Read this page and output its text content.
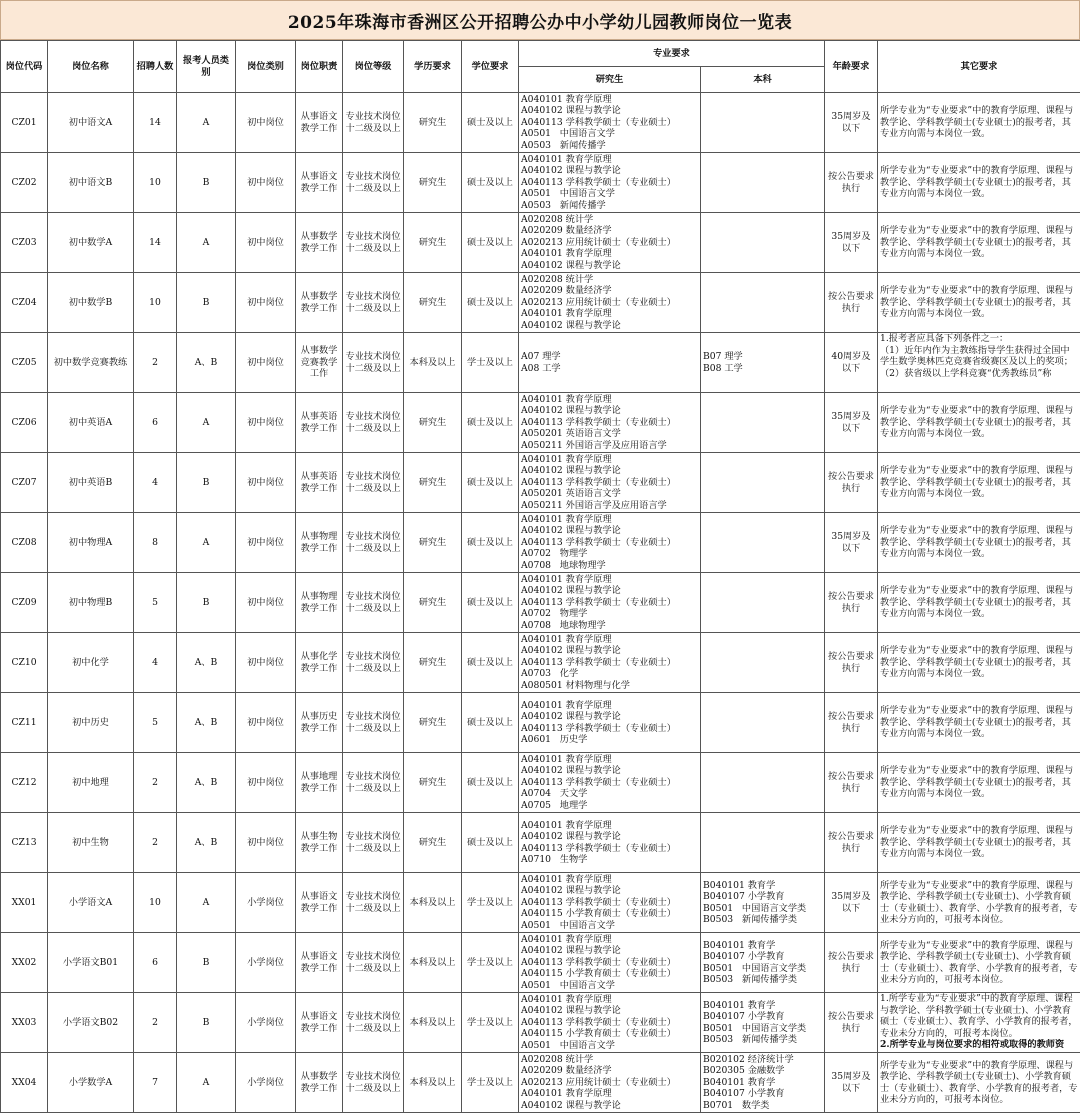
2025年珠海市香洲区公开招聘公办中小学幼儿园教师岗位一览表
岗位代码	岗位名称	招聘人数	报考人员类别	岗位类别	岗位职责	岗位等级	学历要求	学位要求	专业要求		年龄要求	其它要求
									研究生	本科		
CZ01	初中语文A	14	A	初中岗位	从事语文教学工作	专业技术岗位十二级及以上	研究生	硕士及以上	A040101 教育学原理
A040102 课程与教学论
A040113 学科教学硕士（专业硕士）
A0501   中国语言文学
A0503   新闻传播学		35周岁及以下	所学专业为“专业要求”中的教育学原理、课程与教学论、学科教学硕士(专业硕士)的报考者，其专业方向需与本岗位一致。

CZ02	初中语文B	10	B	初中岗位	从事语文教学工作	专业技术岗位十二级及以上	研究生	硕士及以上	A040101 教育学原理
A040102 课程与教学论
A040113 学科教学硕士（专业硕士）
A0501   中国语言文学
A0503   新闻传播学		按公告要求执行	所学专业为“专业要求”中的教育学原理、课程与教学论、学科教学硕士(专业硕士)的报考者，其专业方向需与本岗位一致。

CZ03	初中数学A	14	A	初中岗位	从事数学教学工作	专业技术岗位十二级及以上	研究生	硕士及以上	A020208 统计学
A020209 数量经济学
A020213 应用统计硕士（专业硕士）
A040101 教育学原理
A040102 课程与教学论		35周岁及以下	所学专业为“专业要求”中的教育学原理、课程与教学论、学科教学硕士(专业硕士)的报考者，其专业方向需与本岗位一致。

CZ04	初中数学B	10	B	初中岗位	从事数学教学工作	专业技术岗位十二级及以上	研究生	硕士及以上	A020208 统计学
A020209 数量经济学
A020213 应用统计硕士（专业硕士）
A040101 教育学原理
A040102 课程与教学论		按公告要求执行	所学专业为“专业要求”中的教育学原理、课程与教学论、学科教学硕士(专业硕士)的报考者，其专业方向需与本岗位一致。

CZ05	初中数学竞赛教练	2	A、B	初中岗位	从事数学竞赛教学工作	专业技术岗位十二级及以上	本科及以上	学士及以上	A07 理学
A08 工学	B07 理学
B08 工学	40周岁及以下	1.报考者应具备下列条件之一：
（1）近年内作为主教练指导学生获得过全国中学生数学奥林匹克竞赛省级赛区及以上的奖项；
（2）获省级以上学科竞赛“优秀教练员”称

CZ06	初中英语A	6	A	初中岗位	从事英语教学工作	专业技术岗位十二级及以上	研究生	硕士及以上	A040101 教育学原理
A040102 课程与教学论
A040113 学科教学硕士（专业硕士）
A050201 英语语言文学
A050211 外国语言学及应用语言学		35周岁及以下	所学专业为“专业要求”中的教育学原理、课程与教学论、学科教学硕士(专业硕士)的报考者，其专业方向需与本岗位一致。

CZ07	初中英语B	4	B	初中岗位	从事英语教学工作	专业技术岗位十二级及以上	研究生	硕士及以上	A040101 教育学原理
A040102 课程与教学论
A040113 学科教学硕士（专业硕士）
A050201 英语语言文学
A050211 外国语言学及应用语言学		按公告要求执行	所学专业为“专业要求”中的教育学原理、课程与教学论、学科教学硕士(专业硕士)的报考者，其专业方向需与本岗位一致。

CZ08	初中物理A	8	A	初中岗位	从事物理教学工作	专业技术岗位十二级及以上	研究生	硕士及以上	A040101 教育学原理
A040102 课程与教学论
A040113 学科教学硕士（专业硕士）
A0702   物理学
A0708   地球物理学		35周岁及以下	所学专业为“专业要求”中的教育学原理、课程与教学论、学科教学硕士(专业硕士)的报考者，其专业方向需与本岗位一致。

CZ09	初中物理B	5	B	初中岗位	从事物理教学工作	专业技术岗位十二级及以上	研究生	硕士及以上	A040101 教育学原理
A040102 课程与教学论
A040113 学科教学硕士（专业硕士）
A0702   物理学
A0708   地球物理学		按公告要求执行	所学专业为“专业要求”中的教育学原理、课程与教学论、学科教学硕士(专业硕士)的报考者，其专业方向需与本岗位一致。

CZ10	初中化学	4	A、B	初中岗位	从事化学教学工作	专业技术岗位十二级及以上	研究生	硕士及以上	A040101 教育学原理
A040102 课程与教学论
A040113 学科教学硕士（专业硕士）
A0703   化学
A080501 材料物理与化学		按公告要求执行	所学专业为“专业要求”中的教育学原理、课程与教学论、学科教学硕士(专业硕士)的报考者，其专业方向需与本岗位一致。

CZ11	初中历史	5	A、B	初中岗位	从事历史教学工作	专业技术岗位十二级及以上	研究生	硕士及以上	A040101 教育学原理
A040102 课程与教学论
A040113 学科教学硕士（专业硕士）
A0601   历史学		按公告要求执行	所学专业为“专业要求”中的教育学原理、课程与教学论、学科教学硕士(专业硕士)的报考者，其专业方向需与本岗位一致。

CZ12	初中地理	2	A、B	初中岗位	从事地理教学工作	专业技术岗位十二级及以上	研究生	硕士及以上	A040101 教育学原理
A040102 课程与教学论
A040113 学科教学硕士（专业硕士）
A0704   天文学
A0705   地理学		按公告要求执行	所学专业为“专业要求”中的教育学原理、课程与教学论、学科教学硕士(专业硕士)的报考者，其专业方向需与本岗位一致。

CZ13	初中生物	2	A、B	初中岗位	从事生物教学工作	专业技术岗位十二级及以上	研究生	硕士及以上	A040101 教育学原理
A040102 课程与教学论
A040113 学科教学硕士（专业硕士）
A0710   生物学		按公告要求执行	所学专业为“专业要求”中的教育学原理、课程与教学论、学科教学硕士(专业硕士)的报考者，其专业方向需与本岗位一致。

XX01	小学语文A	10	A	小学岗位	从事语文教学工作	专业技术岗位十二级及以上	本科及以上	学士及以上	A040101 教育学原理
A040102 课程与教学论
A040113 学科教学硕士（专业硕士）
A040115 小学教育硕士（专业硕士）
A0501   中国语言文学	B040101 教育学
B040107 小学教育
B0501   中国语言文学类
B0503   新闻传播学类	35周岁及以下	所学专业为“专业要求”中的教育学原理、课程与教学论、学科教学硕士(专业硕士)、小学教育硕士（专业硕士）、教育学、小学教育的报考者，专业未分方向的，可报考本岗位。

XX02	小学语文B01	6	B	小学岗位	从事语文教学工作	专业技术岗位十二级及以上	本科及以上	学士及以上	A040101 教育学原理
A040102 课程与教学论
A040113 学科教学硕士（专业硕士）
A040115 小学教育硕士（专业硕士）
A0501   中国语言文学	B040101 教育学
B040107 小学教育
B0501   中国语言文学类
B0503   新闻传播学类	按公告要求执行	所学专业为“专业要求”中的教育学原理、课程与教学论、学科教学硕士(专业硕士)、小学教育硕士（专业硕士）、教育学、小学教育的报考者，专业未分方向的，可报考本岗位。

XX03	小学语文B02	2	B	小学岗位	从事语文教学工作	专业技术岗位十二级及以上	本科及以上	学士及以上	A040101 教育学原理
A040102 课程与教学论
A040113 学科教学硕士（专业硕士）
A040115 小学教育硕士（专业硕士）
A0501   中国语言文学	B040101 教育学
B040107 小学教育
B0501   中国语言文学类
B0503   新闻传播学类	按公告要求执行	1.所学专业为“专业要求”中的教育学原理、课程与教学论、学科教学硕士(专业硕士)、小学教育硕士（专业硕士）、教育学、小学教育的报考者，专业未分方向的，可报考本岗位。
2.所学专业与岗位要求的相符或取得的教师资

XX04	小学数学A	7	A	小学岗位	从事数学教学工作	专业技术岗位十二级及以上	本科及以上	学士及以上	A020208 统计学
A020209 数量经济学
A020213 应用统计硕士（专业硕士）
A040101 教育学原理
A040102 课程与教学论	B020102 经济统计学
B020305 金融数学
B040101 教育学
B040107 小学教育
B0701   数学类	35周岁及以下	所学专业为“专业要求”中的教育学原理、课程与教学论、学科教学硕士(专业硕士)、小学教育硕士（专业硕士）、教育学、小学教育的报考者，专业未分方向的，可报考本岗位。
